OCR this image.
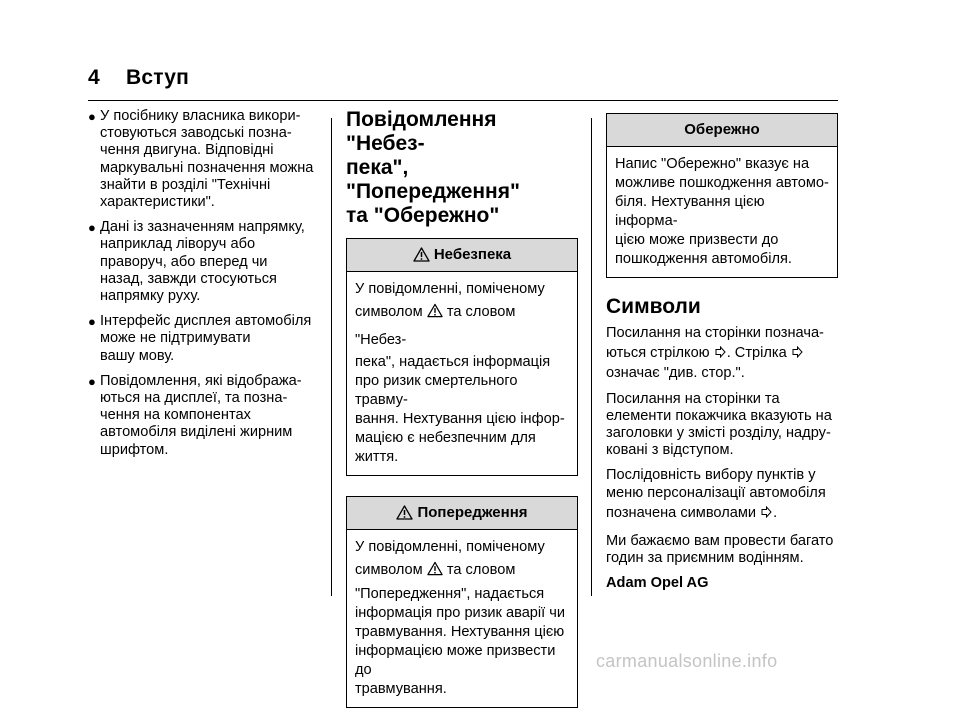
4 Вступ
● У посібнику власника викори-
стовуються заводські позна-
чення двигуна. Відповідні
маркувальні позначення можна
знайти в розділі "Технічні
характеристики".
● Дані із зазначенням напрямку,
наприклад ліворуч або
праворуч, або вперед чи
назад, завжди стосуються
напрямку руху.
● Інтерфейс дисплея автомобіля
може не підтримувати
вашу мову.
● Повідомлення, які відобража-
ються на дисплеї, та позна-
чення на компонентах
автомобіля виділені жирним
шрифтом.
Повідомлення "Небез-
пека", "Попередження"
та "Обережно"
Небезпека
У повідомленні, поміченому
символом та словом "Небез-
пека", надається інформація
про ризик смертельного травму-
вання. Нехтування цією інфор-
мацією є небезпечним для
життя.
Попередження
У повідомленні, поміченому
символом та словом
"Попередження", надається
інформація про ризик аварії чи
травмування. Нехтування цією
інформацією може призвести до
травмування.
Обережно
Напис "Обережно" вказує на
можливе пошкодження автомо-
біля. Нехтування цією інформа-
цією може призвести до
пошкодження автомобіля.
Символи
Посилання на сторінки познача-
ються стрілкою . Стрілка
означає "див. стор.".
Посилання на сторінки та
елементи покажчика вказують на
заголовки у змісті розділу, надру-
ковані з відступом.
Послідовність вибору пунктів у
меню персоналізації автомобіля
позначена символами .
Ми бажаємо вам провести багато
годин за приємним водінням.
Adam Opel AG
carmanualsonline.info
